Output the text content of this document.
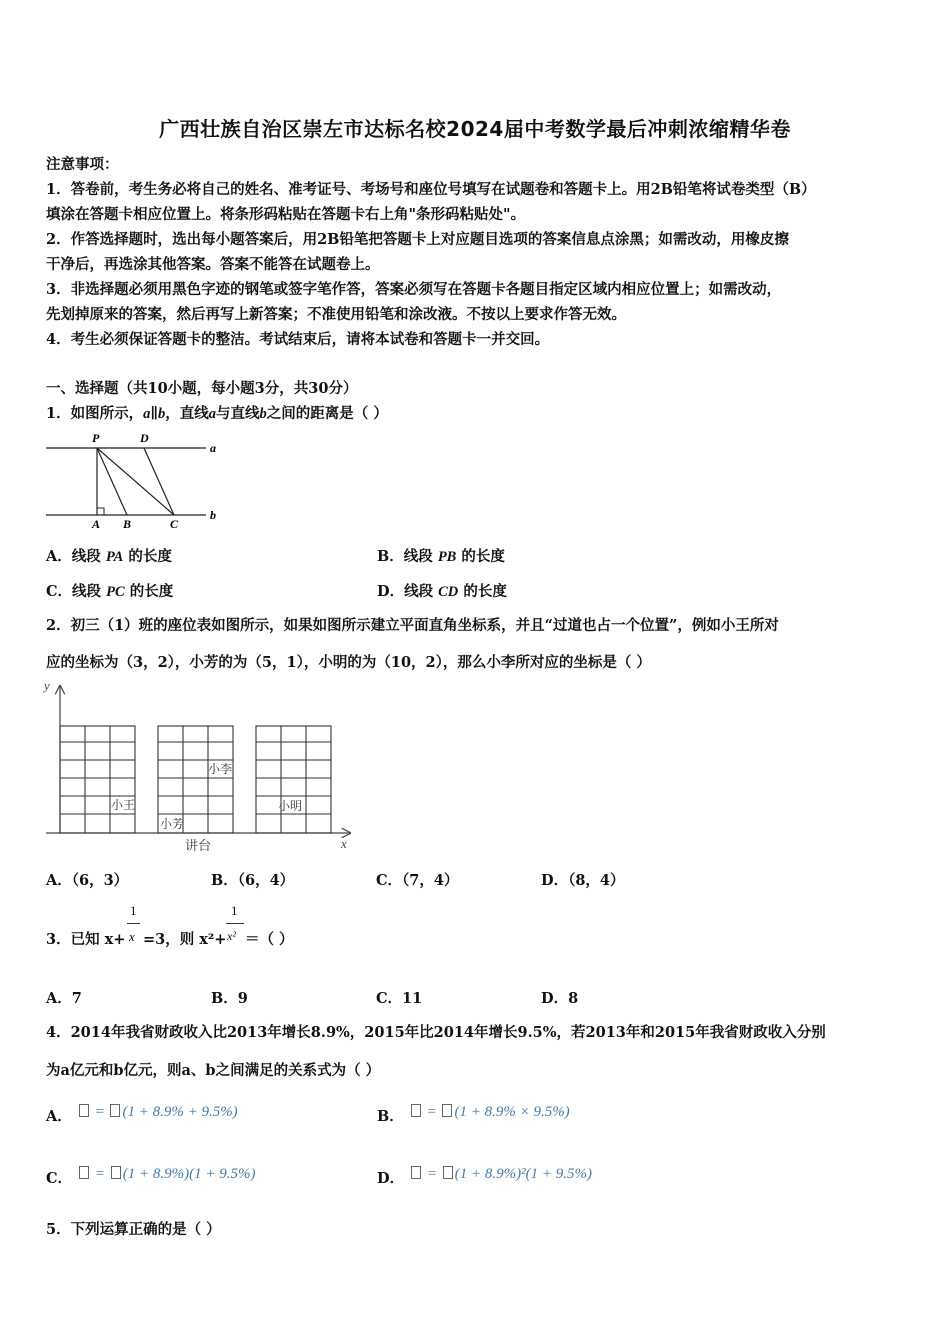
广西壮族自治区崇左市达标名校2024届中考数学最后冲刺浓缩精华卷
注意事项：
1．答卷前，考生务必将自己的姓名、准考证号、考场号和座位号填写在试题卷和答题卡上。用2B铅笔将试卷类型（B）
填涂在答题卡相应位置上。将条形码粘贴在答题卡右上角"条形码粘贴处"。
2．作答选择题时，选出每小题答案后，用2B铅笔把答题卡上对应题目选项的答案信息点涂黑；如需改动，用橡皮擦
干净后，再选涂其他答案。答案不能答在试题卷上。
3．非选择题必须用黑色字迹的钢笔或签字笔作答，答案必须写在答题卡各题目指定区域内相应位置上；如需改动，
先划掉原来的答案，然后再写上新答案；不准使用铅笔和涂改液。不按以上要求作答无效。
4．考生必须保证答题卡的整洁。考试结束后，请将本试卷和答题卡一并交回。
一、选择题（共10小题，每小题3分，共30分）
1．如图所示，a∥b，直线a与直线b之间的距离是（ ）
P	D
a
b
A B	C
A．线段 PA 的长度	B．线段 PB 的长度
C．线段 PC 的长度	D．线段 CD 的长度
2．初三（1）班的座位表如图所示，如果如图所示建立平面直角坐标系，并且“过道也占一个位置”，例如小王所对
应的坐标为（3，2），小芳的为（5，1），小明的为（10，2），那么小李所对应的坐标是（ ）
y
x
小王
小芳
小李
小明
讲台
A．（6，3）	B．（6，4）	C．（7，4）	D．（8，4）
3．已知 x+
1
x =3，则 x²+
1
x² ＝（ ）
A．7	B．9	C．11	D．8
4．2014年我省财政收入比2013年增长8.9%，2015年比2014年增长9.5%，若2013年和2015年我省财政收入分别
为a亿元和b亿元，则a、b之间满足的关系式为（ ）
A． = (1 + 8.9% + 9.5%)	B． = (1 + 8.9% × 9.5%)
C． = (1 + 8.9%)(1 + 9.5%)	D． = (1 + 8.9%)²(1 + 9.5%)
5．下列运算正确的是（ ）
